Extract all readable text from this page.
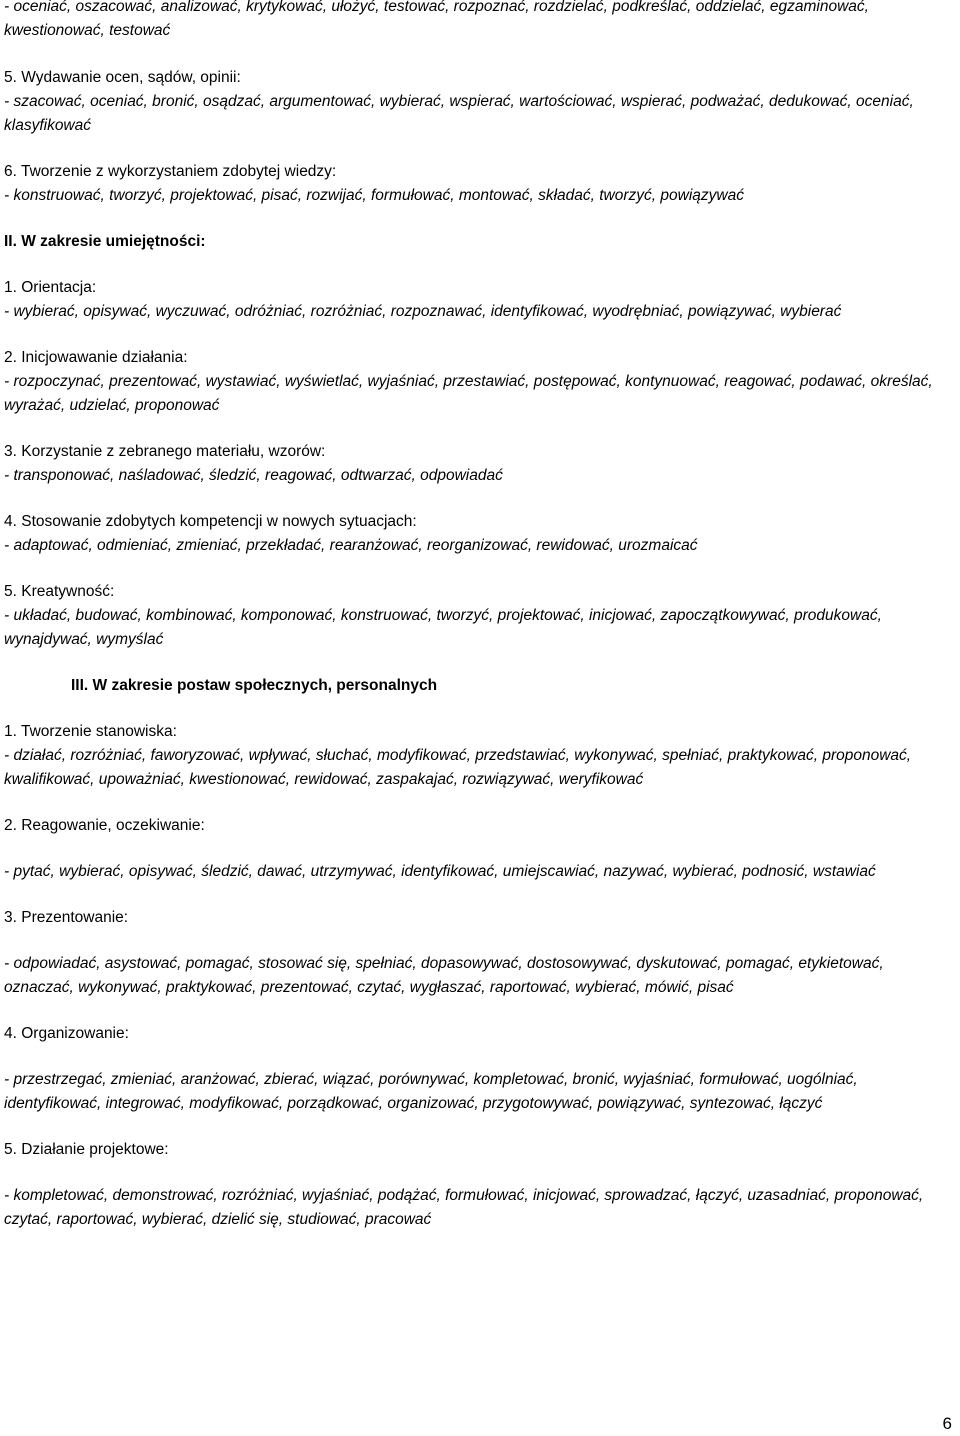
- oceniać, oszacować, analizować, krytykować, ułożyć, testować, rozpoznać, rozdzielać, podkreślać, oddzielać, egzaminować, kwestionować, testować
5. Wydawanie ocen, sądów, opinii:
- szacować, oceniać, bronić, osądzać, argumentować, wybierać, wspierać, wartościować, wspierać, podważać, dedukować, oceniać, klasyfikować
6. Tworzenie z wykorzystaniem zdobytej wiedzy:
- konstruować, tworzyć, projektować, pisać, rozwijać, formułować, montować, składać, tworzyć, powiązywać
II. W zakresie umiejętności:
1. Orientacja:
- wybierać, opisywać, wyczuwać, odróżniać, rozróżniać, rozpoznawać, identyfikować, wyodrębniać, powiązywać, wybierać
2. Inicjowawanie działania:
- rozpoczynać, prezentować, wystawiać, wyświetlać, wyjaśniać, przestawiać, postępować, kontynuować, reagować, podawać, określać, wyrażać, udzielać, proponować
3. Korzystanie z zebranego materiału, wzorów:
- transponować, naśladować, śledzić, reagować, odtwarzać, odpowiadać
4. Stosowanie zdobytych kompetencji w nowych sytuacjach:
- adaptować, odmieniać, zmieniać, przekładać, rearanżować, reorganizować, rewidować, urozmaicać
5. Kreatywność:
- układać, budować, kombinować, komponować, konstruować, tworzyć, projektować, inicjować, zapoczątkowywać, produkować, wynajdywać, wymyślać
III. W zakresie postaw społecznych, personalnych
1. Tworzenie stanowiska:
- działać, rozróżniać, faworyzować, wpływać, słuchać, modyfikować, przedstawiać, wykonywać, spełniać, praktykować, proponować, kwalifikować, upoważniać, kwestionować, rewidować, zaspakajać, rozwiązywać, weryfikować
2. Reagowanie, oczekiwanie:
- pytać, wybierać, opisywać, śledzić, dawać, utrzymywać, identyfikować, umiejscawiać, nazywać, wybierać, podnosić, wstawiać
3. Prezentowanie:
- odpowiadać, asystować, pomagać, stosować się, spełniać, dopasowywać, dostosowywać, dyskutować, pomagać, etykietować, oznaczać, wykonywać, praktykować, prezentować, czytać, wygłaszać, raportować, wybierać, mówić, pisać
4. Organizowanie:
- przestrzegać, zmieniać, aranżować, zbierać, wiązać, porównywać, kompletować, bronić, wyjaśniać, formułować, uogólniać, identyfikować, integrować, modyfikować, porządkować, organizować, przygotowywać, powiązywać, syntezować, łączyć
5. Działanie projektowe:
- kompletować, demonstrować, rozróżniać, wyjaśniać, podążać, formułować, inicjować, sprowadzać, łączyć, uzasadniać, proponować, czytać, raportować, wybierać, dzielić się, studiować, pracować
6
